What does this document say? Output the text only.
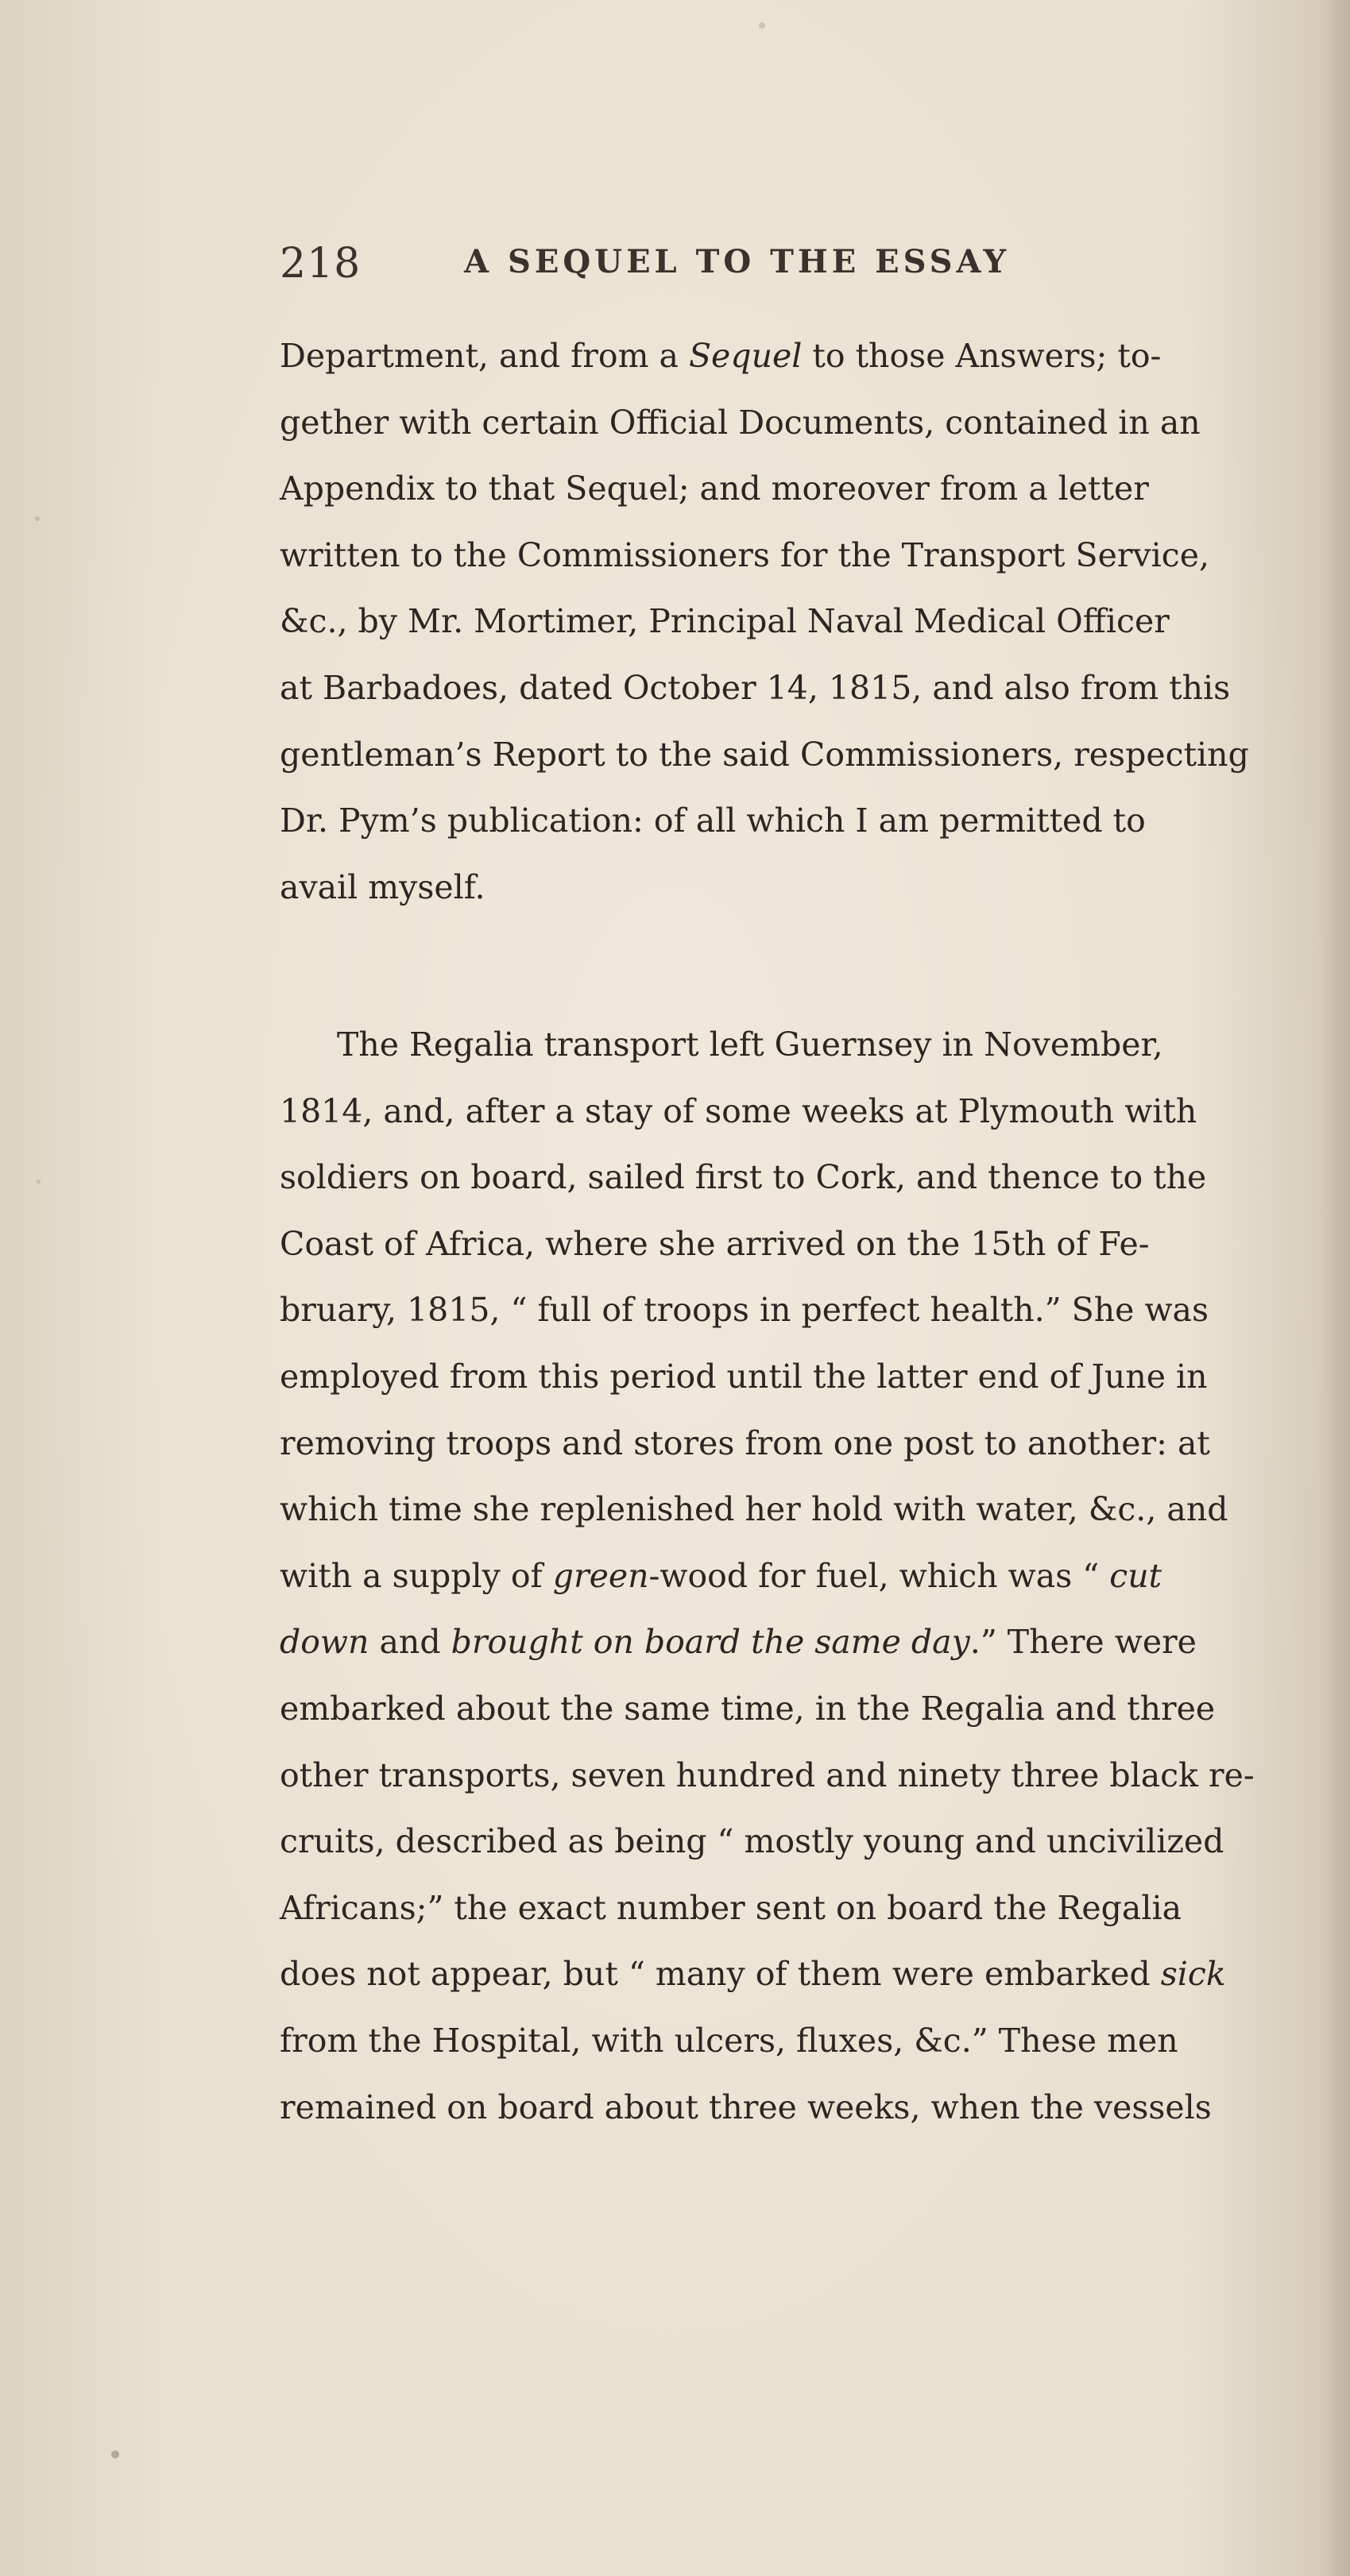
218	A SEQUEL TO THE ESSAY
Department, and from a Sequel to those Answers; to-
gether with certain Official Documents, contained in an
Appendix to that Sequel; and moreover from a letter
written to the Commissioners for the Transport Service,
&c., by Mr. Mortimer, Principal Naval Medical Officer
at Barbadoes, dated October 14, 1815, and also from this
gentleman’s Report to the said Commissioners, respecting
Dr. Pym’s publication: of all which I am permitted to
avail myself.
The Regalia transport left Guernsey in November,
1814, and, after a stay of some weeks at Plymouth with
soldiers on board, sailed first to Cork, and thence to the
Coast of Africa, where she arrived on the 15th of Fe-
bruary, 1815, “ full of troops in perfect health.” She was
employed from this period until the latter end of June in
removing troops and stores from one post to another: at
which time she replenished her hold with water, &c., and
with a supply of green-wood for fuel, which was “ cut
down and brought on board the same day.” There were
embarked about the same time, in the Regalia and three
other transports, seven hundred and ninety three black re-
cruits, described as being “ mostly young and uncivilized
Africans;” the exact number sent on board the Regalia
does not appear, but “ many of them were embarked sick
from the Hospital, with ulcers, fluxes, &c.” These men
remained on board about three weeks, when the vessels
